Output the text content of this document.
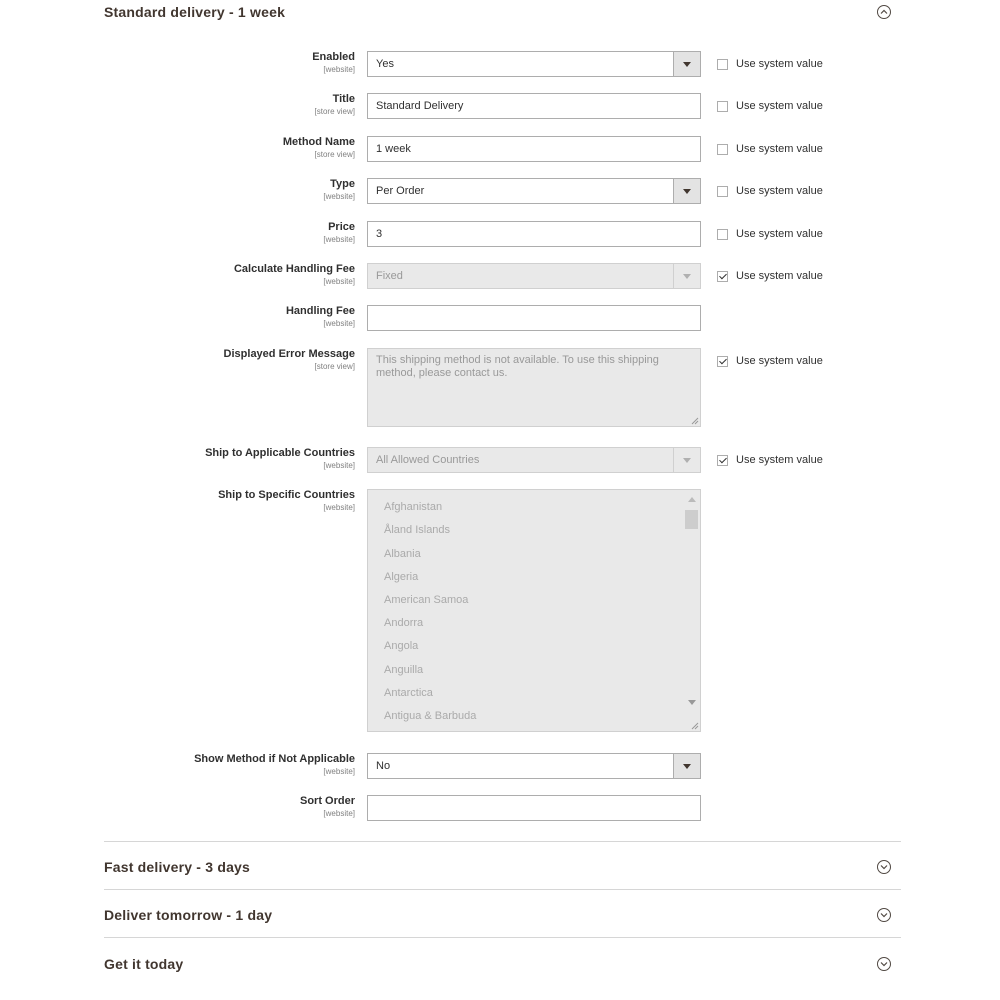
Standard delivery - 1 week
Enabled
[website] Yes	Use system value
Title
[store view] Standard Delivery	Use system value
Method Name
[store view] 1 week	Use system value
Type
[website] Per Order	Use system value
Price
[website] 3	Use system value
Calculate Handling Fee
[website] Fixed	Use system value
Handling Fee
[website]
Displayed Error Message
[store view]
This shipping method is not available. To use this shipping method, please contact us.
Use system value
Ship to Applicable Countries
[website] All Allowed Countries	Use system value
Ship to Specific Countries
[website]	Afghanistan
Åland Islands
Albania
Algeria
American Samoa
Andorra
Angola
Anguilla
Antarctica
Antigua & Barbuda
Show Method if Not Applicable
[website] No
Sort Order
[website]
Fast delivery - 3 days
Deliver tomorrow - 1 day
Get it today
